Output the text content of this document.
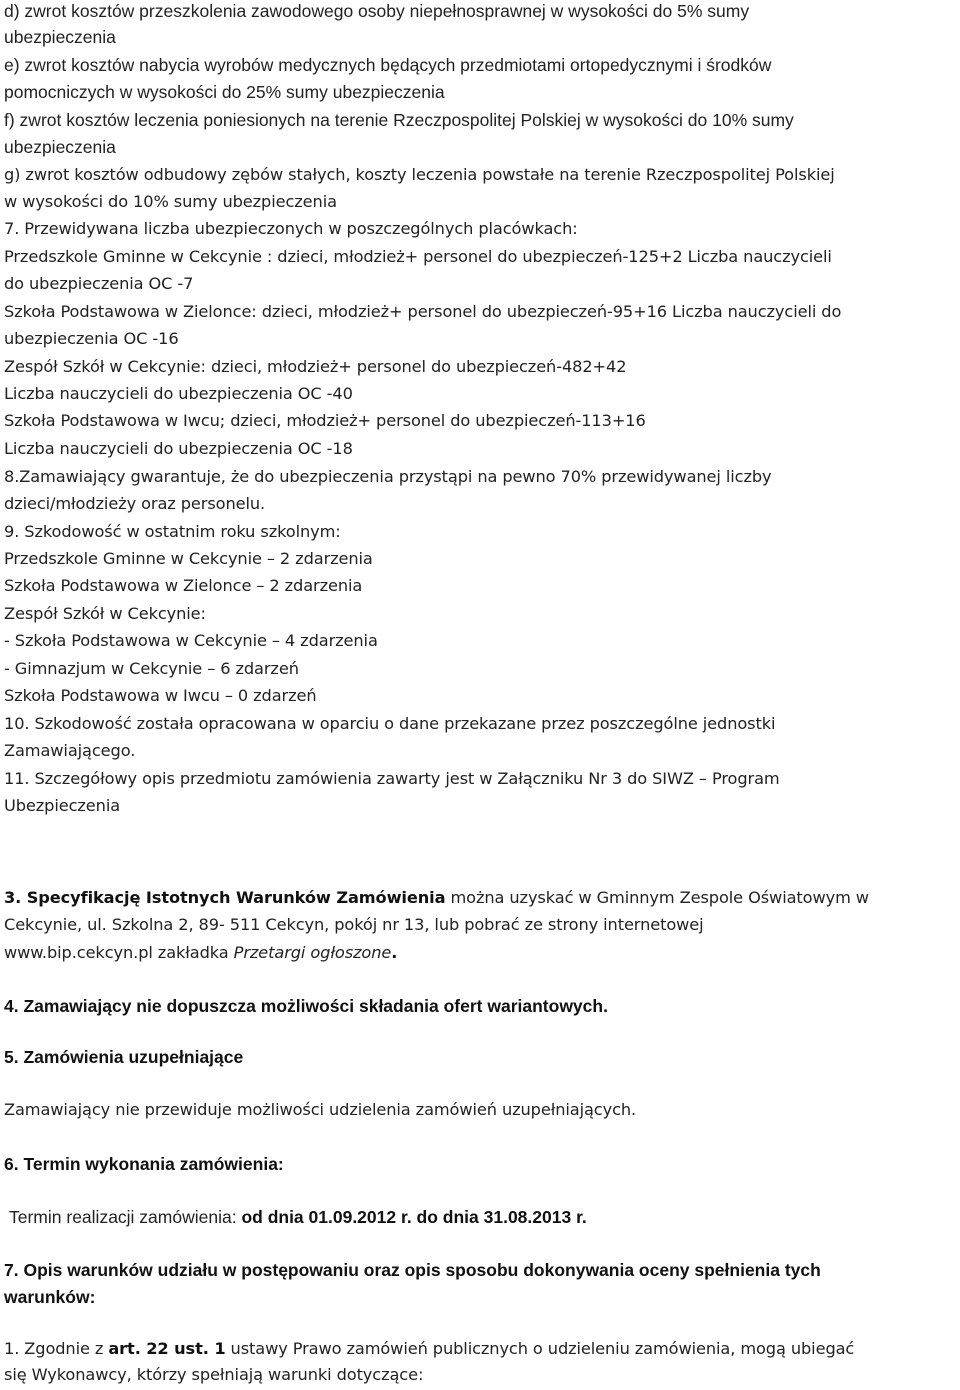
d) zwrot kosztów przeszkolenia zawodowego osoby niepełnosprawnej w wysokości do 5% sumy
ubezpieczenia
e) zwrot kosztów nabycia wyrobów medycznych będących przedmiotami ortopedycznymi i środków
pomocniczych w wysokości do 25% sumy ubezpieczenia
f) zwrot kosztów leczenia poniesionych na terenie Rzeczpospolitej Polskiej w wysokości do 10% sumy
ubezpieczenia
g) zwrot kosztów odbudowy zębów stałych, koszty leczenia powstałe na terenie Rzeczpospolitej Polskiej
w wysokości do 10% sumy ubezpieczenia
7. Przewidywana liczba ubezpieczonych w poszczególnych placówkach:
Przedszkole Gminne w Cekcynie : dzieci, młodzież+ personel do ubezpieczeń-125+2 Liczba nauczycieli
do ubezpieczenia OC -7
Szkoła Podstawowa w Zielonce: dzieci, młodzież+ personel do ubezpieczeń-95+16 Liczba nauczycieli do
ubezpieczenia OC -16
Zespół Szkół w Cekcynie: dzieci, młodzież+ personel do ubezpieczeń-482+42
Liczba nauczycieli do ubezpieczenia OC -40
Szkoła Podstawowa w Iwcu; dzieci, młodzież+ personel do ubezpieczeń-113+16
Liczba nauczycieli do ubezpieczenia OC -18
8.Zamawiający gwarantuje, że do ubezpieczenia przystąpi na pewno 70% przewidywanej liczby
dzieci/młodzieży oraz personelu.
9. Szkodowość w ostatnim roku szkolnym:
Przedszkole Gminne w Cekcynie – 2 zdarzenia
Szkoła Podstawowa w Zielonce – 2 zdarzenia
Zespół Szkół w Cekcynie:
- Szkoła Podstawowa w Cekcynie – 4 zdarzenia
- Gimnazjum w Cekcynie – 6 zdarzeń
Szkoła Podstawowa w Iwcu – 0 zdarzeń
10. Szkodowość została opracowana w oparciu o dane przekazane przez poszczególne jednostki
Zamawiającego.
11. Szczegółowy opis przedmiotu zamówienia zawarty jest w Załączniku Nr 3 do SIWZ – Program
Ubezpieczenia
3. Specyfikację Istotnych Warunków Zamówienia można uzyskać w Gminnym Zespole Oświatowym w
Cekcynie, ul. Szkolna 2, 89- 511 Cekcyn, pokój nr 13, lub pobrać ze strony internetowej
www.bip.cekcyn.pl zakładka Przetargi ogłoszone.
4. Zamawiający nie dopuszcza możliwości składania ofert wariantowych.
5. Zamówienia uzupełniające
Zamawiający nie przewiduje możliwości udzielenia zamówień uzupełniających.
6. Termin wykonania zamówienia:
Termin realizacji zamówienia: od dnia 01.09.2012 r. do dnia 31.08.2013 r.
7. Opis warunków udziału w postępowaniu oraz opis sposobu dokonywania oceny spełnienia tych
warunków:
1. Zgodnie z art. 22 ust. 1 ustawy Prawo zamówień publicznych o udzieleniu zamówienia, mogą ubiegać
się Wykonawcy, którzy spełniają warunki dotyczące:
